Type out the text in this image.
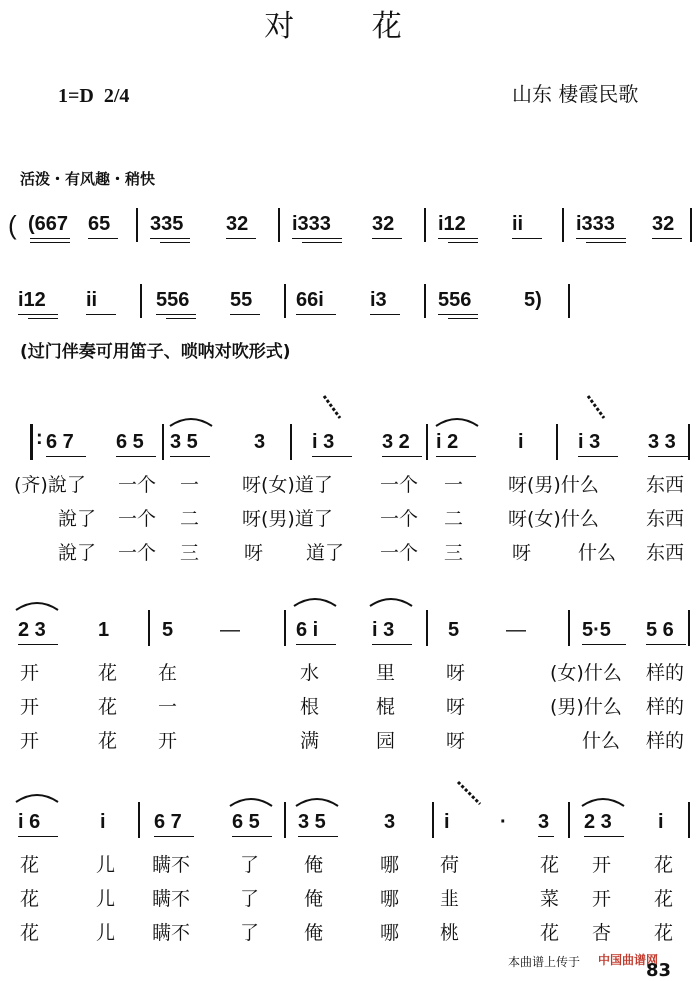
对 花
1=D 2/4	山东 棲霞民歌
活泼・有风趣・稍快
( (667 65 335 32 i333 32 i12 ii	i333 32
i12 ii	556 55 66i i3	556	5)
(过门伴奏可用笛子、唢呐对吹形式)
: 6 7 6 5 3 5	3 i 3 3 2 i 2	i	i 3 3 3
(齐)說了 一个 一 呀(女)道了 一个 一 呀(男)什么 东西
說了 一个 二 呀(男)道了 一个 二 呀(女)什么 东西
說了 一个 三 呀 道了 一个 三	呀 什么 东西
2 3	1	5 —	6 i	i 3	5 —	5·5 5 6
开	花 在	水	里	呀	(女)什么 样的
开	花 一	根	棍	呀	(男)什么 样的
开	花 开	满	园	呀	什么 样的
i 6	i 6 7	6 5 3 5	3 i	· 3 2 3 i
花	儿 瞒不	了 俺	哪 荷	花 开 花
花	儿 瞒不	了 俺	哪 韭	菜 开 花
花	儿 瞒不	了 俺	哪 桃	花 杏 花
本曲谱上传于 中国曲谱网
83
